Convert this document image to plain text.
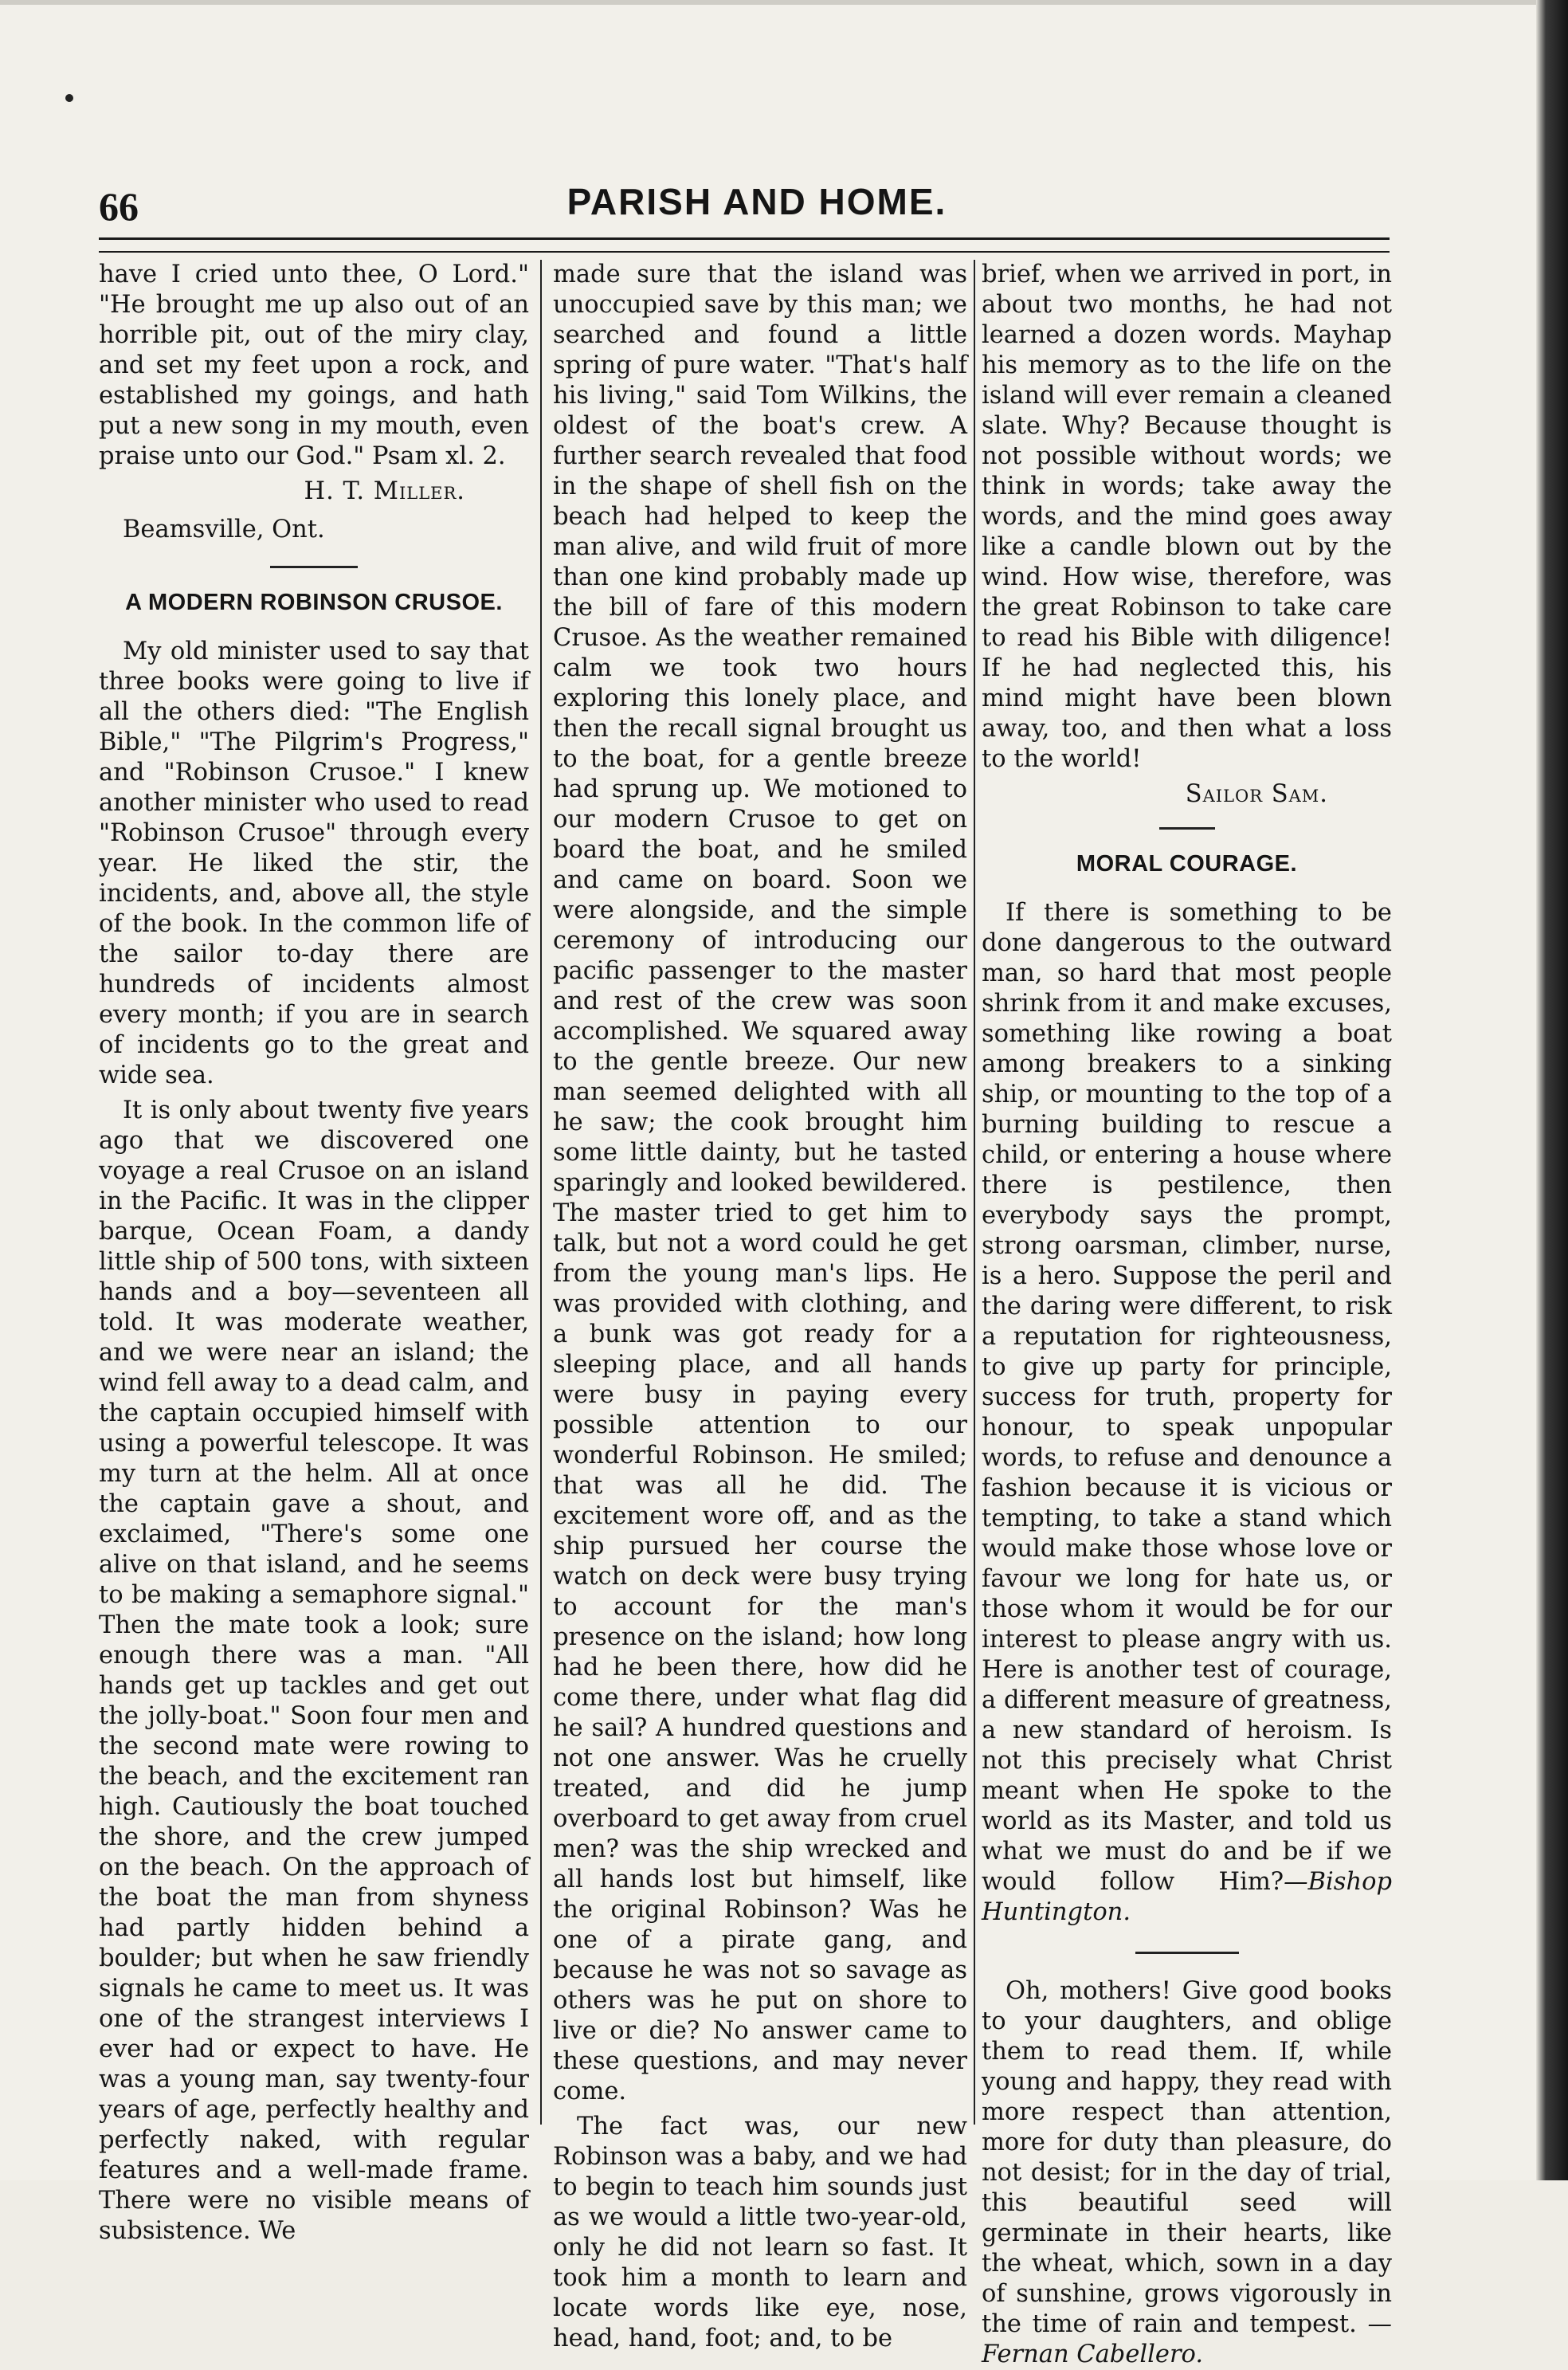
66	PARISH AND HOME.

have I cried unto thee, O Lord." "He brought me up also out of an horrible pit, out of the miry clay, and set my feet upon a rock, and established my goings, and hath put a new song in my mouth, even praise unto our God." Psam xl. 2.

H. T. Miller.

Beamsville, Ont.

A MODERN ROBINSON CRUSOE.

My old minister used to say that three books were going to live if all the others died: "The English Bible," "The Pilgrim's Progress," and "Robinson Crusoe." I knew another minister who used to read "Robinson Crusoe" through every year. He liked the stir, the incidents, and, above all, the style of the book. In the common life of the sailor to-day there are hundreds of incidents almost every month; if you are in search of incidents go to the great and wide sea.

It is only about twenty five years ago that we discovered one voyage a real Crusoe on an island in the Pacific. It was in the clipper barque, Ocean Foam, a dandy little ship of 500 tons, with sixteen hands and a boy—seventeen all told. It was moderate weather, and we were near an island; the wind fell away to a dead calm, and the captain occupied himself with using a powerful telescope. It was my turn at the helm. All at once the captain gave a shout, and exclaimed, "There's some one alive on that island, and he seems to be making a semaphore signal." Then the mate took a look; sure enough there was a man. "All hands get up tackles and get out the jolly-boat." Soon four men and the second mate were rowing to the beach, and the excitement ran high. Cautiously the boat touched the shore, and the crew jumped on the beach. On the approach of the boat the man from shyness had partly hidden behind a boulder; but when he saw friendly signals he came to meet us. It was one of the strangest interviews I ever had or expect to have. He was a young man, say twenty-four years of age, perfectly healthy and perfectly naked, with regular features and a well-made frame. There were no visible means of subsistence. We

made sure that the island was unoccupied save by this man; we searched and found a little spring of pure water. "That's half his living," said Tom Wilkins, the oldest of the boat's crew. A further search revealed that food in the shape of shell fish on the beach had helped to keep the man alive, and wild fruit of more than one kind probably made up the bill of fare of this modern Crusoe. As the weather remained calm we took two hours exploring this lonely place, and then the recall signal brought us to the boat, for a gentle breeze had sprung up. We motioned to our modern Crusoe to get on board the boat, and he smiled and came on board. Soon we were alongside, and the simple ceremony of introducing our pacific passenger to the master and rest of the crew was soon accomplished. We squared away to the gentle breeze. Our new man seemed delighted with all he saw; the cook brought him some little dainty, but he tasted sparingly and looked bewildered. The master tried to get him to talk, but not a word could he get from the young man's lips. He was provided with clothing, and a bunk was got ready for a sleeping place, and all hands were busy in paying every possible attention to our wonderful Robinson. He smiled; that was all he did. The excitement wore off, and as the ship pursued her course the watch on deck were busy trying to account for the man's presence on the island; how long had he been there, how did he come there, under what flag did he sail? A hundred questions and not one answer. Was he cruelly treated, and did he jump overboard to get away from cruel men? was the ship wrecked and all hands lost but himself, like the original Robinson? Was he one of a pirate gang, and because he was not so savage as others was he put on shore to live or die? No answer came to these questions, and may never come.

The fact was, our new Robinson was a baby, and we had to begin to teach him sounds just as we would a little two-year-old, only he did not learn so fast. It took him a month to learn and locate words like eye, nose, head, hand, foot; and, to be

brief, when we arrived in port, in about two months, he had not learned a dozen words. Mayhap his memory as to the life on the island will ever remain a cleaned slate. Why? Because thought is not possible without words; we think in words; take away the words, and the mind goes away like a candle blown out by the wind. How wise, therefore, was the great Robinson to take care to read his Bible with diligence! If he had neglected this, his mind might have been blown away, too, and then what a loss to the world!

Sailor Sam.

MORAL COURAGE.

If there is something to be done dangerous to the outward man, so hard that most people shrink from it and make excuses, something like rowing a boat among breakers to a sinking ship, or mounting to the top of a burning building to rescue a child, or entering a house where there is pestilence, then everybody says the prompt, strong oarsman, climber, nurse, is a hero. Suppose the peril and the daring were different, to risk a reputation for righteousness, to give up party for principle, success for truth, property for honour, to speak unpopular words, to refuse and denounce a fashion because it is vicious or tempting, to take a stand which would make those whose love or favour we long for hate us, or those whom it would be for our interest to please angry with us. Here is another test of courage, a different measure of greatness, a new standard of heroism. Is not this precisely what Christ meant when He spoke to the world as its Master, and told us what we must do and be if we would follow Him?—Bishop Huntington.

Oh, mothers! Give good books to your daughters, and oblige them to read them. If, while young and happy, they read with more respect than attention, more for duty than pleasure, do not desist; for in the day of trial, this beautiful seed will germinate in their hearts, like the wheat, which, sown in a day of sunshine, grows vigorously in the time of rain and tempest. — Fernan Cabellero.
